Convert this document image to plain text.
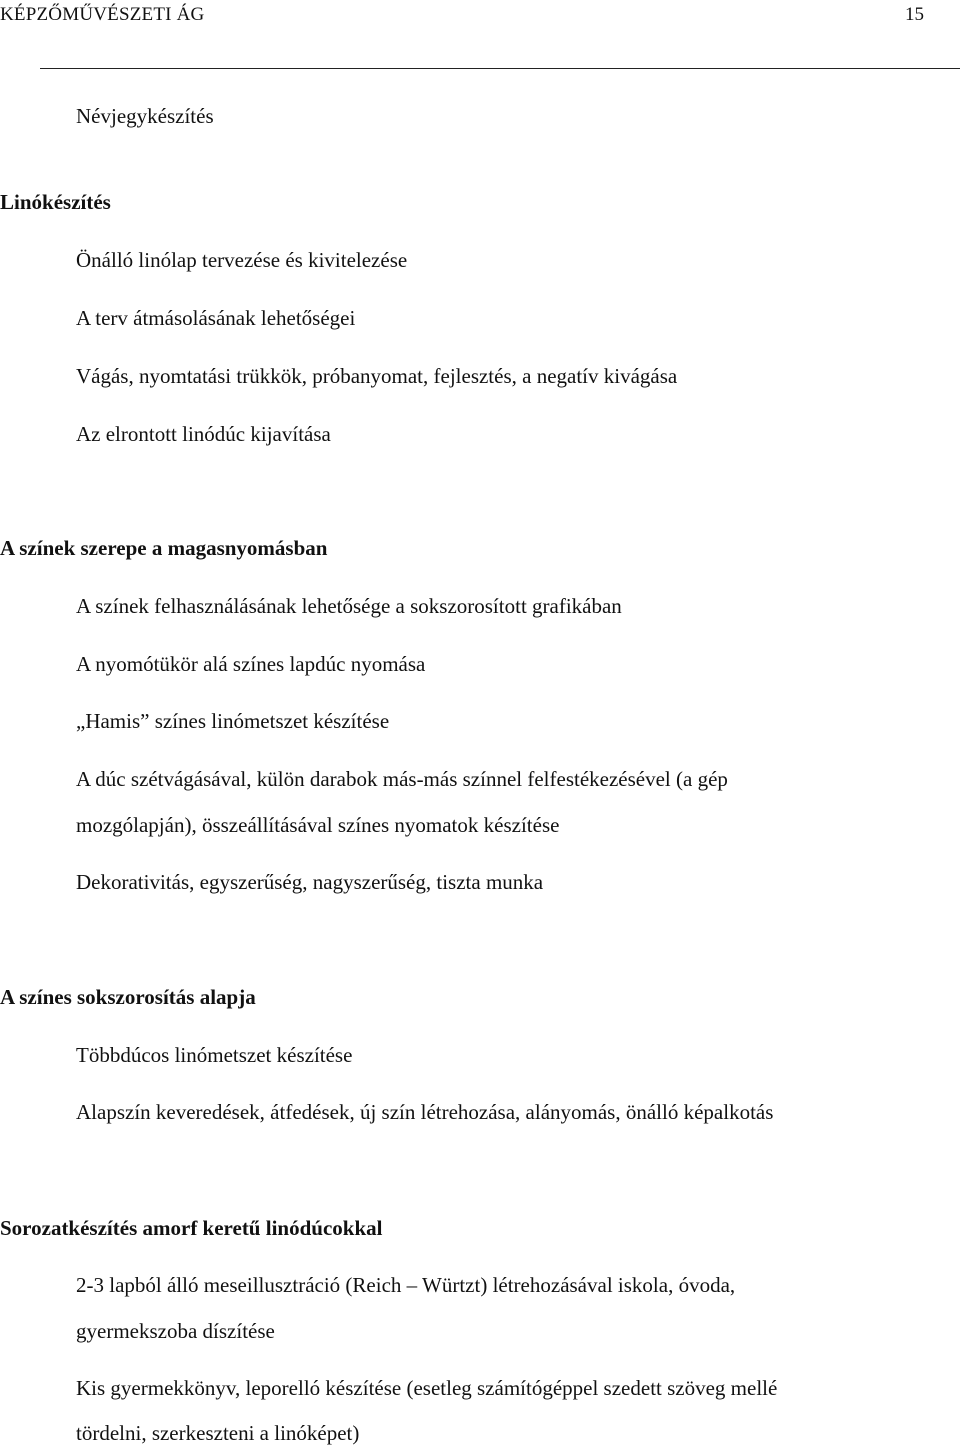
KÉPZŐMŰVÉSZETI ÁG	15
Névjegykészítés
Linókészítés
Önálló linólap tervezése és kivitelezése
A terv átmásolásának lehetőségei
Vágás, nyomtatási trükkök, próbanyomat, fejlesztés, a negatív kivágása
Az elrontott linódúc kijavítása
A színek szerepe a magasnyomásban
A színek felhasználásának lehetősége a sokszorosított grafikában
A nyomótükör alá színes lapdúc nyomása
„Hamis” színes linómetszet készítése
A dúc szétvágásával, külön darabok más-más színnel felfestékezésével (a gép
mozgólapján), összeállításával színes nyomatok készítése
Dekorativitás, egyszerűség, nagyszerűség, tiszta munka
A színes sokszorosítás alapja
Többdúcos linómetszet készítése
Alapszín keveredések, átfedések, új szín létrehozása, alányomás, önálló képalkotás
Sorozatkészítés amorf keretű linódúcokkal
2-3 lapból álló meseillusztráció (Reich – Würtzt) létrehozásával iskola, óvoda,
gyermekszoba díszítése
Kis gyermekkönyv, leporelló készítése (esetleg számítógéppel szedett szöveg mellé
tördelni, szerkeszteni a linóképet)
